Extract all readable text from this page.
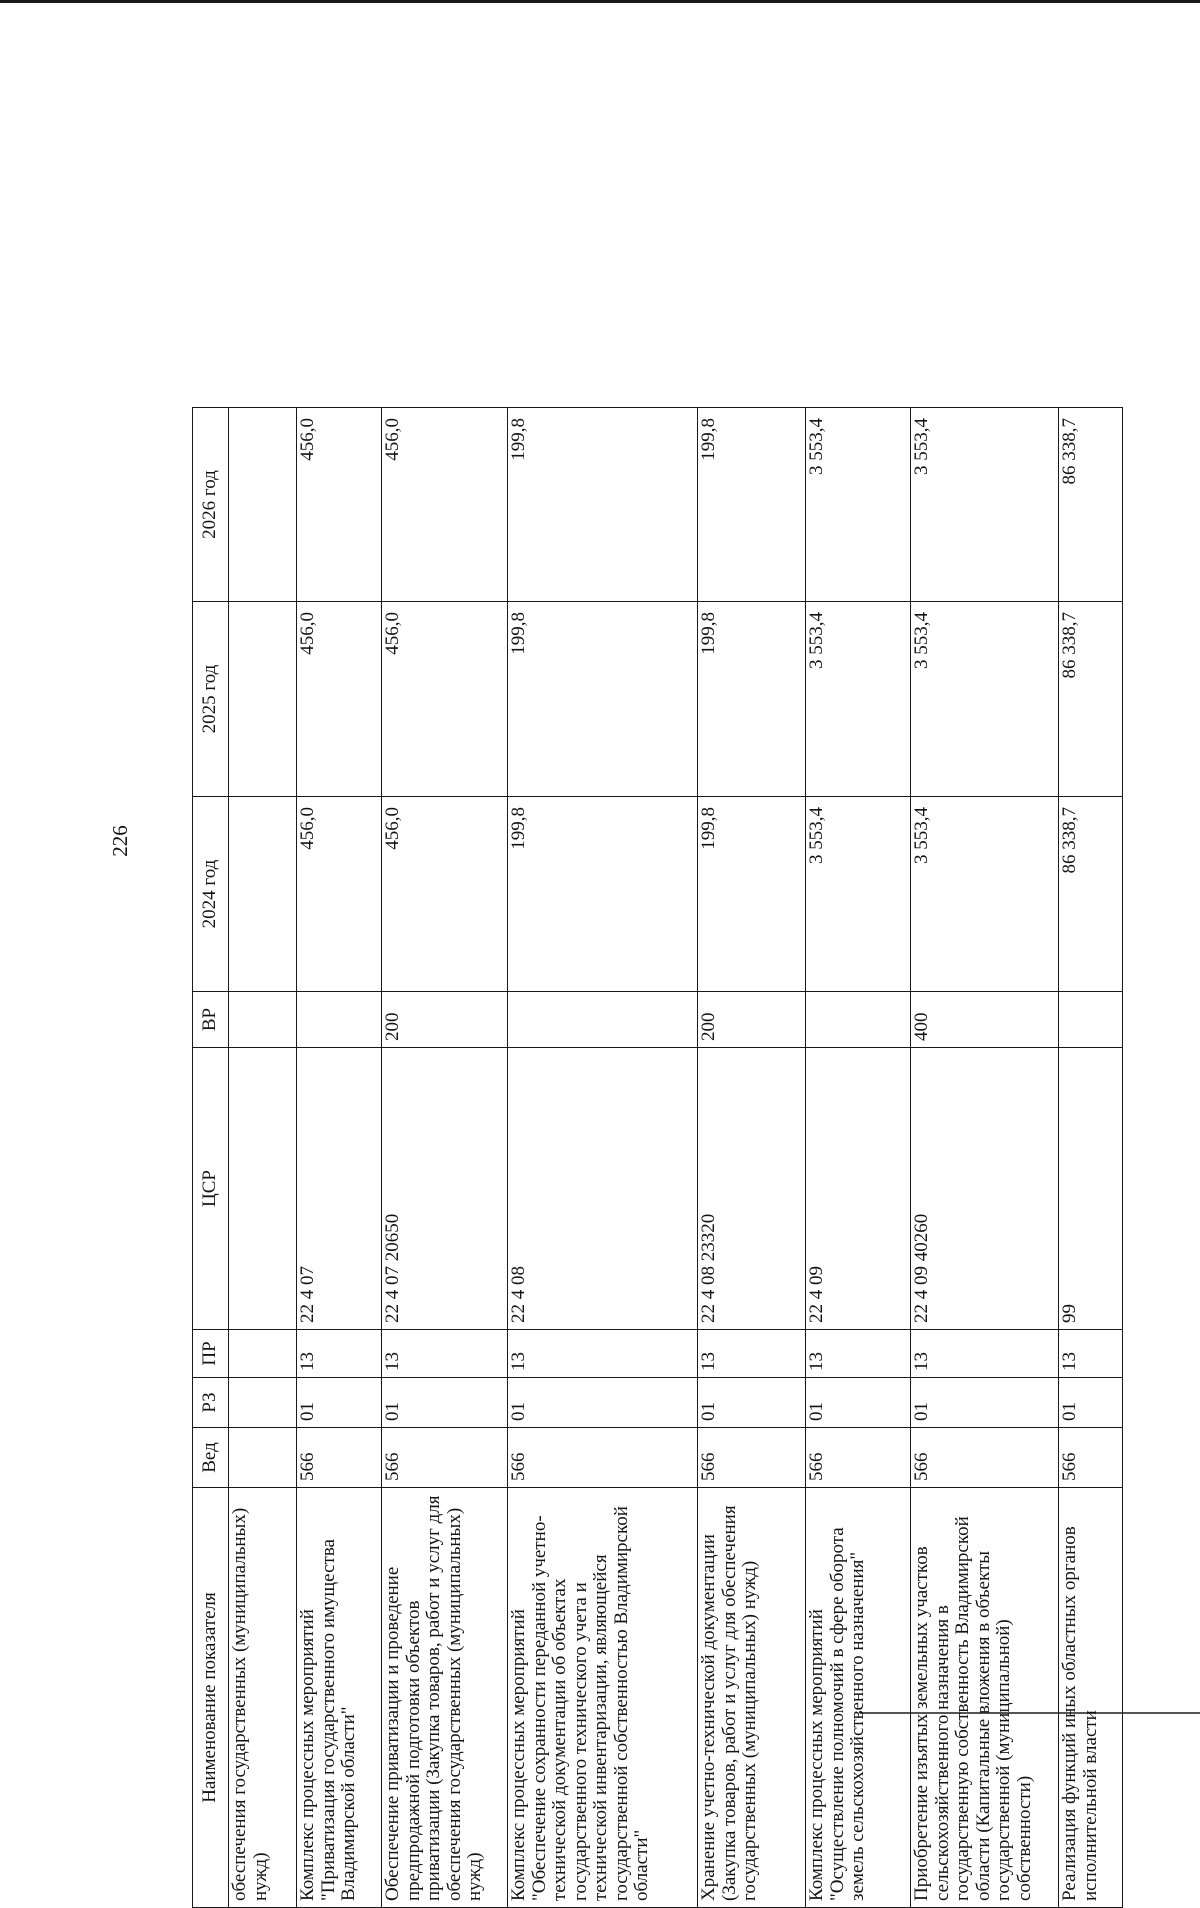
226
Наименование показателя	Вед	РЗ	ПР	ЦСР	ВР	2024 год	2025 год	2026 год
обеспечения государственных (муниципальных) нужд)								
Комплекс процессных мероприятий "Приватизация государственного имущества Владимирской области"	566	01	13	22 4 07		456,0	456,0	456,0
Обеспечение приватизации и проведение предпродажной подготовки объектов приватизации (Закупка товаров, работ и услуг для обеспечения государственных (муниципальных) нужд)	566	01	13	22 4 07 20650	200	456,0	456,0	456,0
Комплекс процессных мероприятий "Обеспечение сохранности переданной учетно-технической документации об объектах государственного технического учета и технической инвентаризации, являющейся государственной собственностью Владимирской области"	566	01	13	22 4 08		199,8	199,8	199,8
Хранение учетно-технической документации (Закупка товаров, работ и услуг для обеспечения государственных (муниципальных) нужд)	566	01	13	22 4 08 23320	200	199,8	199,8	199,8
Комплекс процессных мероприятий "Осуществление полномочий в сфере оборота земель сельскохозяйственного назначения"	566	01	13	22 4 09		3 553,4	3 553,4	3 553,4
Приобретение изъятых земельных участков сельскохозяйственного назначения в государственную собственность Владимирской области (Капитальные вложения в объекты государственной (муниципальной) собственности)	566	01	13	22 4 09 40260	400	3 553,4	3 553,4	3 553,4
Реализация функций иных областных органов исполнительной власти	566	01	13	99		86 338,7	86 338,7	86 338,7
